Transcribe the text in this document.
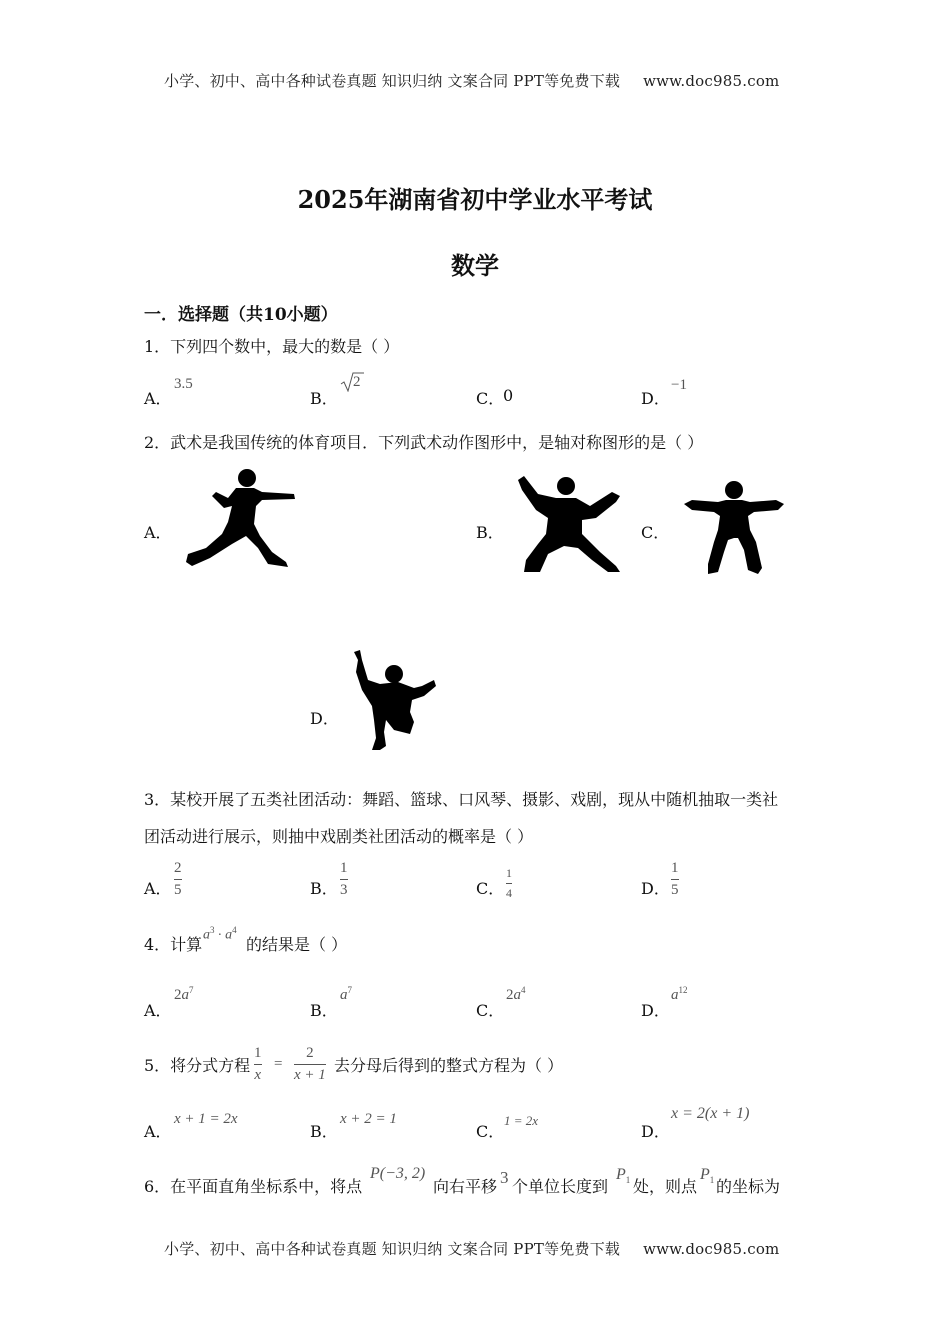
小学、初中、高中各种试卷真题 知识归纳 文案合同 PPT等免费下载 www.doc985.com
2025年湖南省初中学业水平考试
数学
一．选择题（共10小题）
1．下列四个数中，最大的数是（ ）
A．
3.5
B．
2
C．
0	D．
−1
2．武术是我国传统的体育项目．下列武术动作图形中，是轴对称图形的是（ ）
A．	B．	C．
D．
3．某校开展了五类社团活动：舞蹈、篮球、口风琴、摄影、戏剧，现从中随机抽取一类社
团活动进行展示，则抽中戏剧类社团活动的概率是（ ）
A．
2
5	B．
1
3	C．
1
4	D．
1
5
4．计算 $a^3 \cdot a^4$
的结果是（ ）
A．
$2a^7$
B．
$a^7$
C．
$2a^4$
D．
$a^{12}$
5．将分式方程
1
x
=
2
x + 1 去分母后得到的整式方程为（ ）
A．
x + 1 = 2x
B．
x + 2 = 1
C．
1 = 2x
D．
x = 2(x + 1)
6．在平面直角坐标系中，将点
P(−3, 2)
向右平移 3 个单位长度到
$P_1$ 处，则点
$P_1$ 的坐标为
小学、初中、高中各种试卷真题 知识归纳 文案合同 PPT等免费下载 www.doc985.com
